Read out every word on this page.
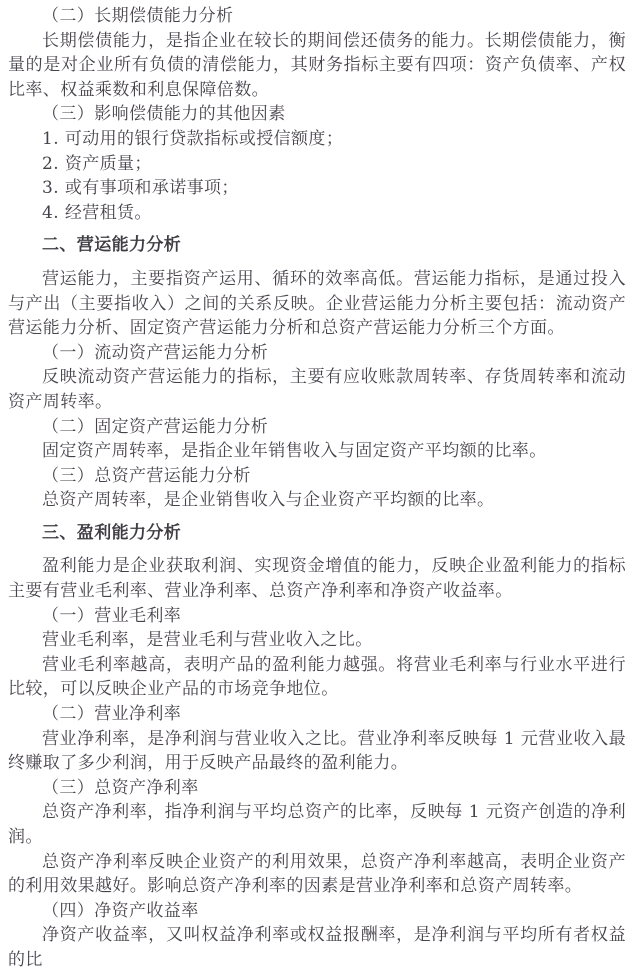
（二）长期偿债能力分析

长期偿债能力，是指企业在较长的期间偿还债务的能力。长期偿债能力，衡量的是对企业所有负债的清偿能力，其财务指标主要有四项：资产负债率、产权比率、权益乘数和利息保障倍数。

（三）影响偿债能力的其他因素

1. 可动用的银行贷款指标或授信额度；

2. 资产质量；

3. 或有事项和承诺事项；

4. 经营租赁。

二、营运能力分析

营运能力，主要指资产运用、循环的效率高低。营运能力指标，是通过投入与产出（主要指收入）之间的关系反映。企业营运能力分析主要包括：流动资产营运能力分析、固定资产营运能力分析和总资产营运能力分析三个方面。

（一）流动资产营运能力分析

反映流动资产营运能力的指标，主要有应收账款周转率、存货周转率和流动资产周转率。

（二）固定资产营运能力分析

固定资产周转率，是指企业年销售收入与固定资产平均额的比率。

（三）总资产营运能力分析

总资产周转率，是企业销售收入与企业资产平均额的比率。

三、盈利能力分析

盈利能力是企业获取利润、实现资金增值的能力，反映企业盈利能力的指标主要有营业毛利率、营业净利率、总资产净利率和净资产收益率。

（一）营业毛利率

营业毛利率，是营业毛利与营业收入之比。

营业毛利率越高，表明产品的盈利能力越强。将营业毛利率与行业水平进行比较，可以反映企业产品的市场竞争地位。

（二）营业净利率

营业净利率，是净利润与营业收入之比。营业净利率反映每 1 元营业收入最终赚取了多少利润，用于反映产品最终的盈利能力。

（三）总资产净利率

总资产净利率，指净利润与平均总资产的比率，反映每 1 元资产创造的净利润。

总资产净利率反映企业资产的利用效果，总资产净利率越高，表明企业资产的利用效果越好。影响总资产净利率的因素是营业净利率和总资产周转率。

（四）净资产收益率

净资产收益率，又叫权益净利率或权益报酬率，是净利润与平均所有者权益的比
